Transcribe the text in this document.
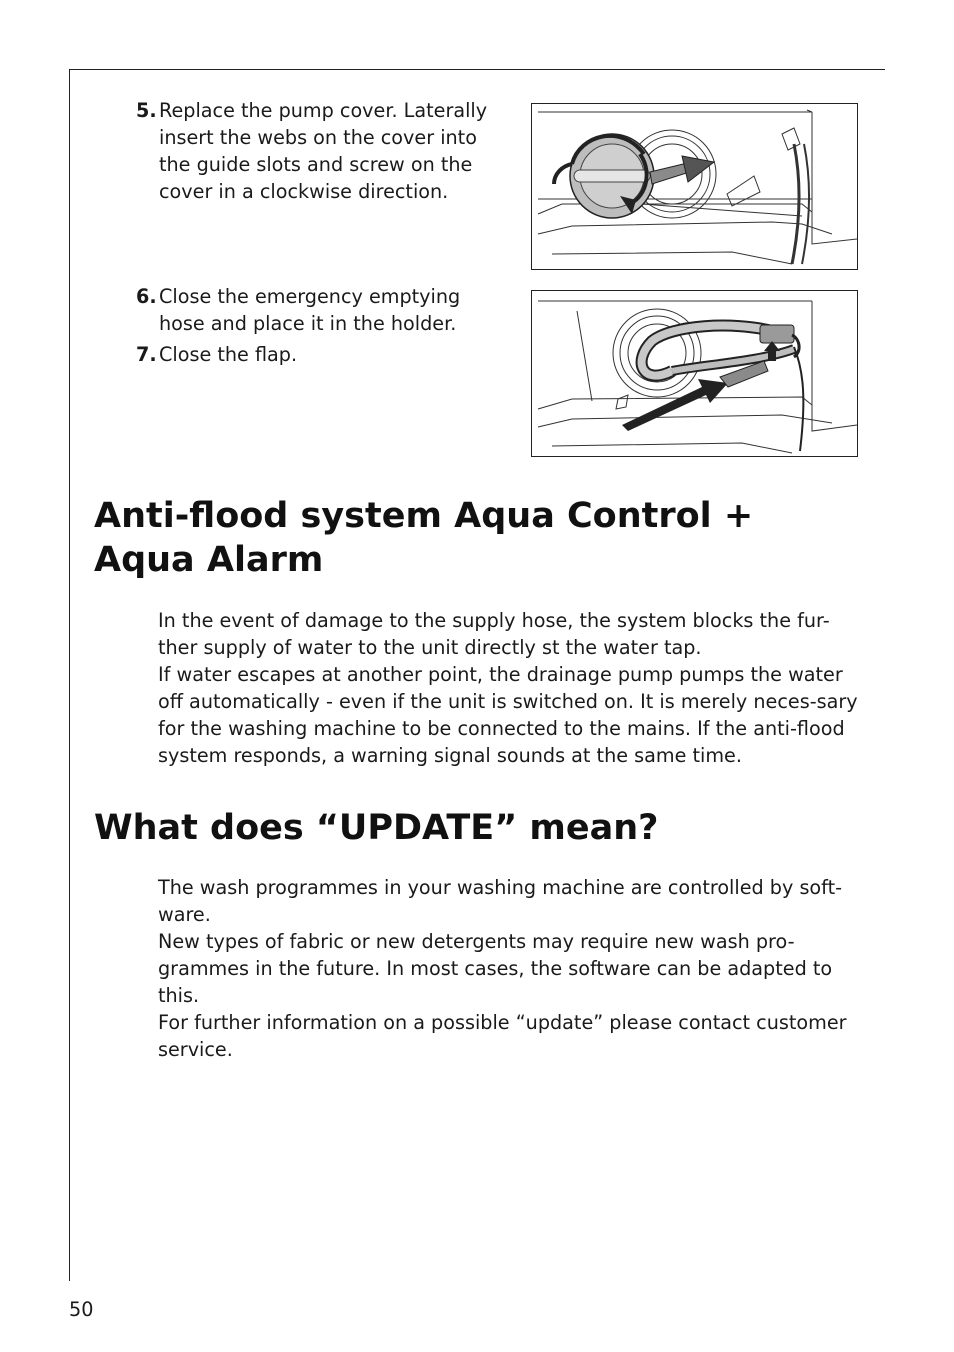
5. Replace the pump cover. Laterally insert the webs on the cover into the guide slots and screw on the cover in a clockwise direction.
6. Close the emergency emptying hose and place it in the holder.
7. Close the flap.
Anti-flood system Aqua Control +
Aqua Alarm

In the event of damage to the supply hose, the system blocks the fur-ther supply of water to the unit directly st the water tap.

If water escapes at another point, the drainage pump pumps the water off automatically - even if the unit is switched on. It is merely neces-sary for the washing machine to be connected to the mains. If the anti-flood system responds, a warning signal sounds at the same time.

What does “UPDATE” mean?

The wash programmes in your washing machine are controlled by soft-ware.

New types of fabric or new detergents may require new wash pro-grammes in the future. In most cases, the software can be adapted to this.

For further information on a possible “update” please contact customer service.

50
